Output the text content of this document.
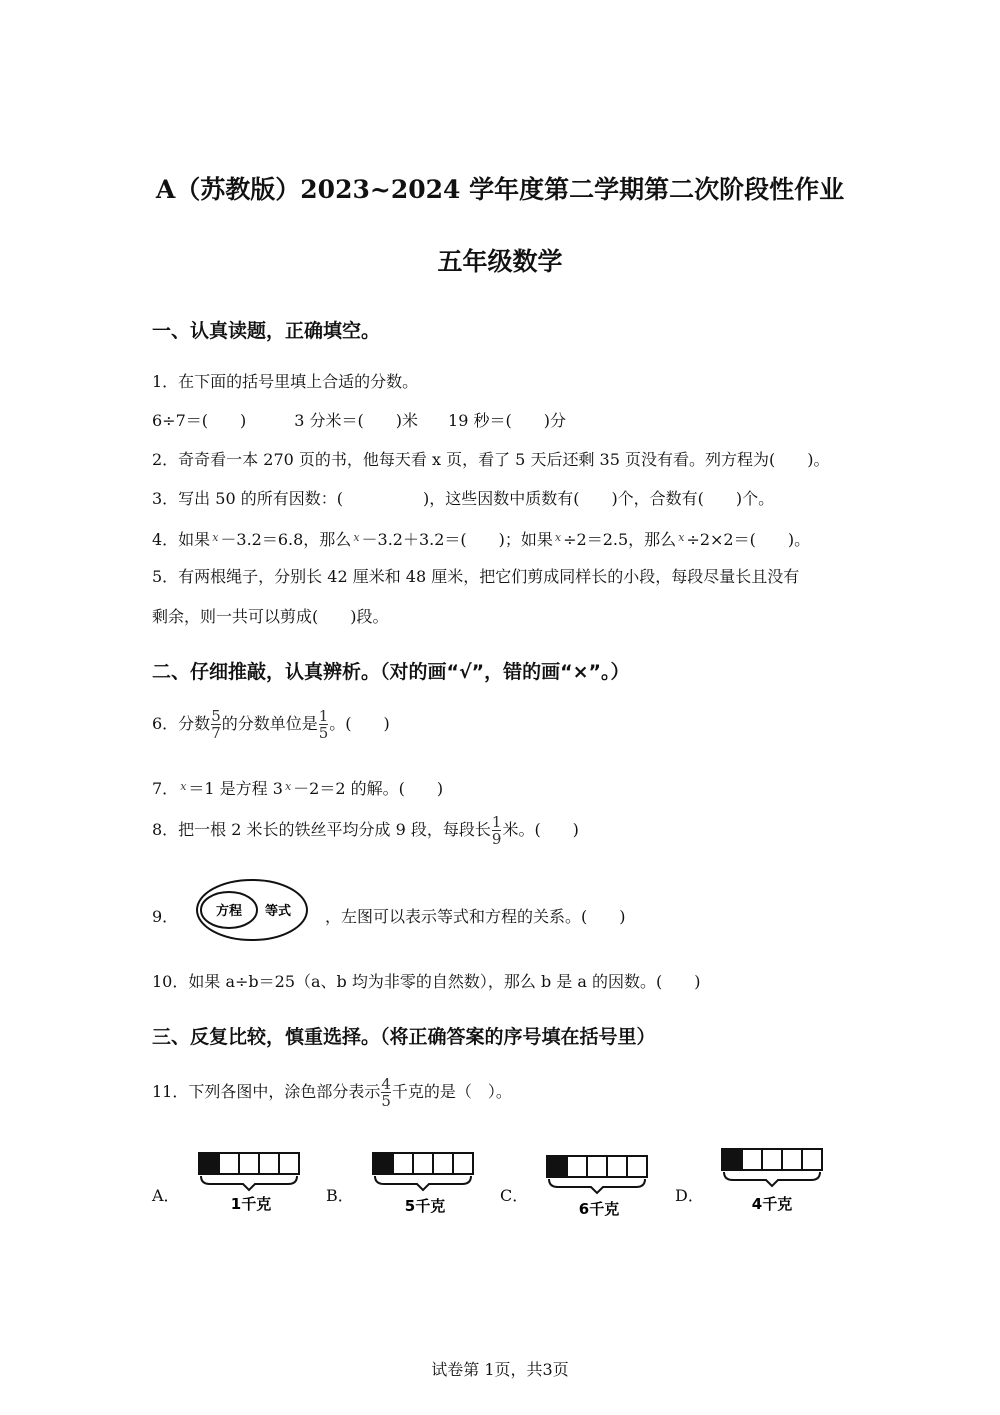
A（苏教版）2023~2024 学年度第二学期第二次阶段性作业
五年级数学
一、认真读题，正确填空。
1．在下面的括号里填上合适的分数。
6÷7＝(　　)	3 分米＝(　　)米 19 秒＝(　　)分
2．奇奇看一本 270 页的书，他每天看 x 页，看了 5 天后还剩 35 页没有看。列方程为(　　)。
3．写出 50 的所有因数：(　　　　　)，这些因数中质数有(　　)个，合数有(　　)个。
4．如果 $^x$ －3.2＝6.8，那么 $^x$ －3.2＋3.2＝(　　)；如果 $^x$ ÷2＝2.5，那么 $^x$ ÷2×2＝(　　)。
5．有两根绳子，分别长 42 厘米和 48 厘米，把它们剪成同样长的小段，每段尽量长且没有
剩余，则一共可以剪成(　　)段。
二、仔细推敲，认真辨析。（对的画“√”，错的画“×”。）
6．分数 $\frac{5}{7}$ 的分数单位是 $\frac{1}{5}$ 。(　　)
7． $^x$ ＝1 是方程 3 $^x$ －2＝2 的解。(　　)
8．把一根 2 米长的铁丝平均分成 9 段，每段长 $\frac{1}{9}$ 米。(　　)
9．	方程 等式 ，左图可以表示等式和方程的关系。(　　)
10．如果 a÷b＝25（a、b 均为非零的自然数），那么 b 是 a 的因数。(　　)
三、反复比较，慎重选择。（将正确答案的序号填在括号里）
11．下列各图中，涂色部分表示 $\frac{4}{5}$ 千克的是（　）。
A．	1千克	B．
5千克
C．
6千克
D．	4千克
试卷第 1页，共3页
